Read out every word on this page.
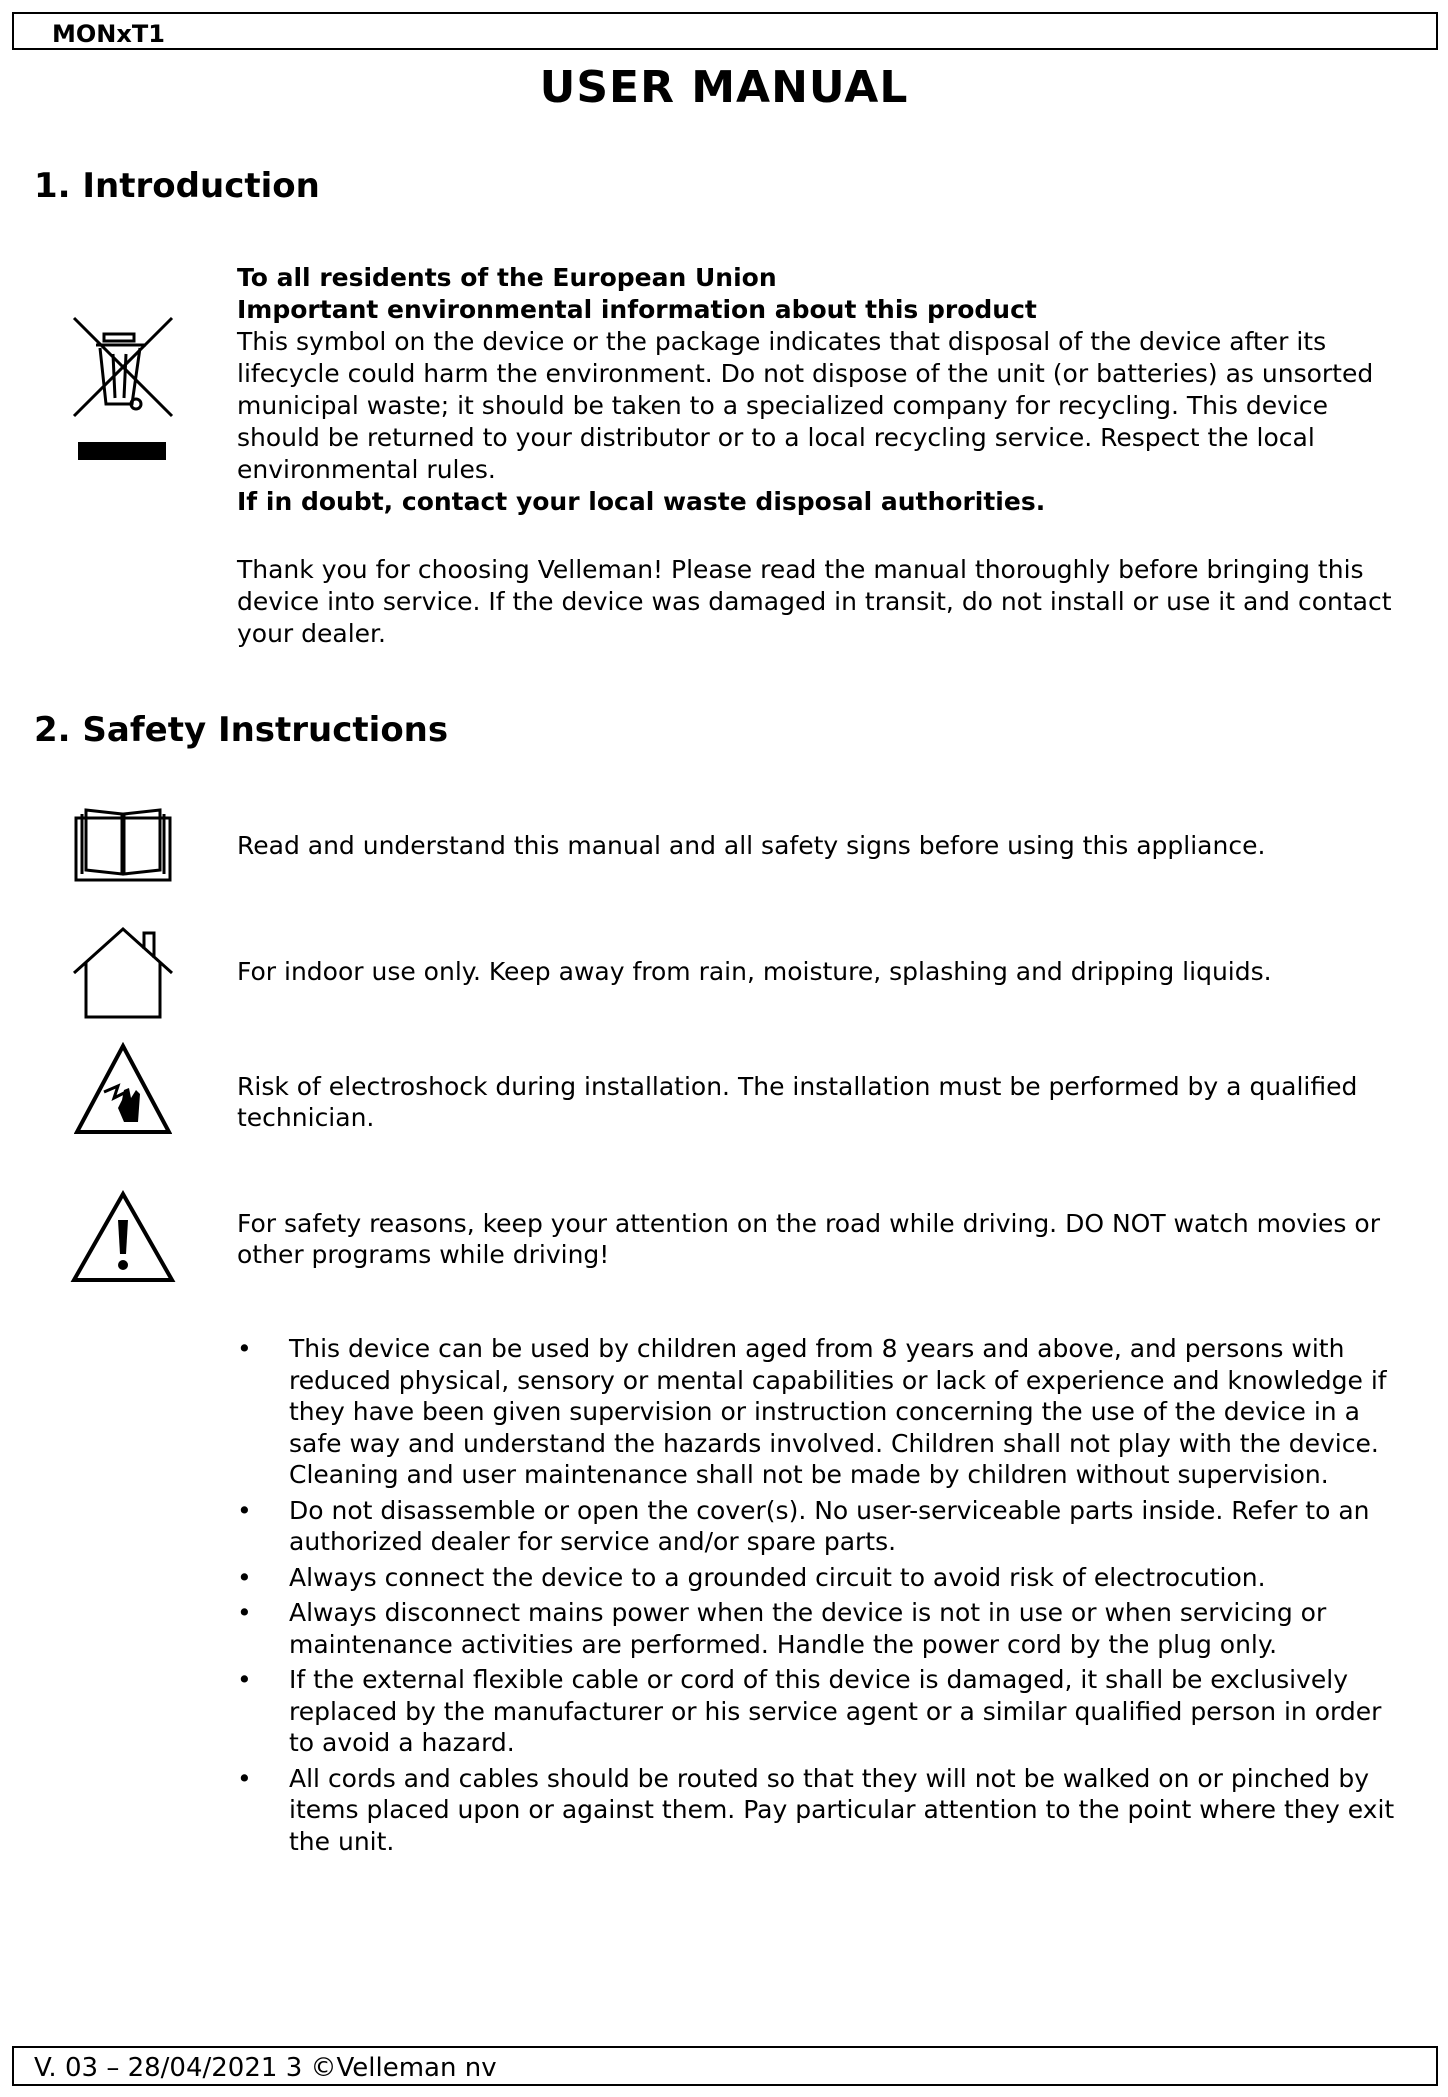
MONxT1
USER MANUAL
1. Introduction

To all residents of the European Union

Important environmental information about this product

This symbol on the device or the package indicates that disposal of the device after its lifecycle could harm the environment. Do not dispose of the unit (or batteries) as unsorted municipal waste; it should be taken to a specialized company for recycling. This device should be returned to your distributor or to a local recycling service. Respect the local environmental rules.

If in doubt, contact your local waste disposal authorities.

Thank you for choosing Velleman! Please read the manual thoroughly before bringing this device into service. If the device was damaged in transit, do not install or use it and contact your dealer.

2. Safety Instructions
Read and understand this manual and all safety signs before using this appliance.
For indoor use only. Keep away from rain, moisture, splashing and dripping liquids.
Risk of electroshock during installation. The installation must be performed by a qualified technician.
For safety reasons, keep your attention on the road while driving. DO NOT watch movies or other programs while driving!
• This device can be used by children aged from 8 years and above, and persons with reduced physical, sensory or mental capabilities or lack of experience and knowledge if they have been given supervision or instruction concerning the use of the device in a safe way and understand the hazards involved. Children shall not play with the device. Cleaning and user maintenance shall not be made by children without supervision.
• Do not disassemble or open the cover(s). No user-serviceable parts inside. Refer to an authorized dealer for service and/or spare parts.
• Always connect the device to a grounded circuit to avoid risk of electrocution.
• Always disconnect mains power when the device is not in use or when servicing or maintenance activities are performed. Handle the power cord by the plug only.
• If the external flexible cable or cord of this device is damaged, it shall be exclusively replaced by the manufacturer or his service agent or a similar qualified person in order to avoid a hazard.
• All cords and cables should be routed so that they will not be walked on or pinched by items placed upon or against them. Pay particular attention to the point where they exit the unit.
V. 03 – 28/04/2021 3 ©Velleman nv
